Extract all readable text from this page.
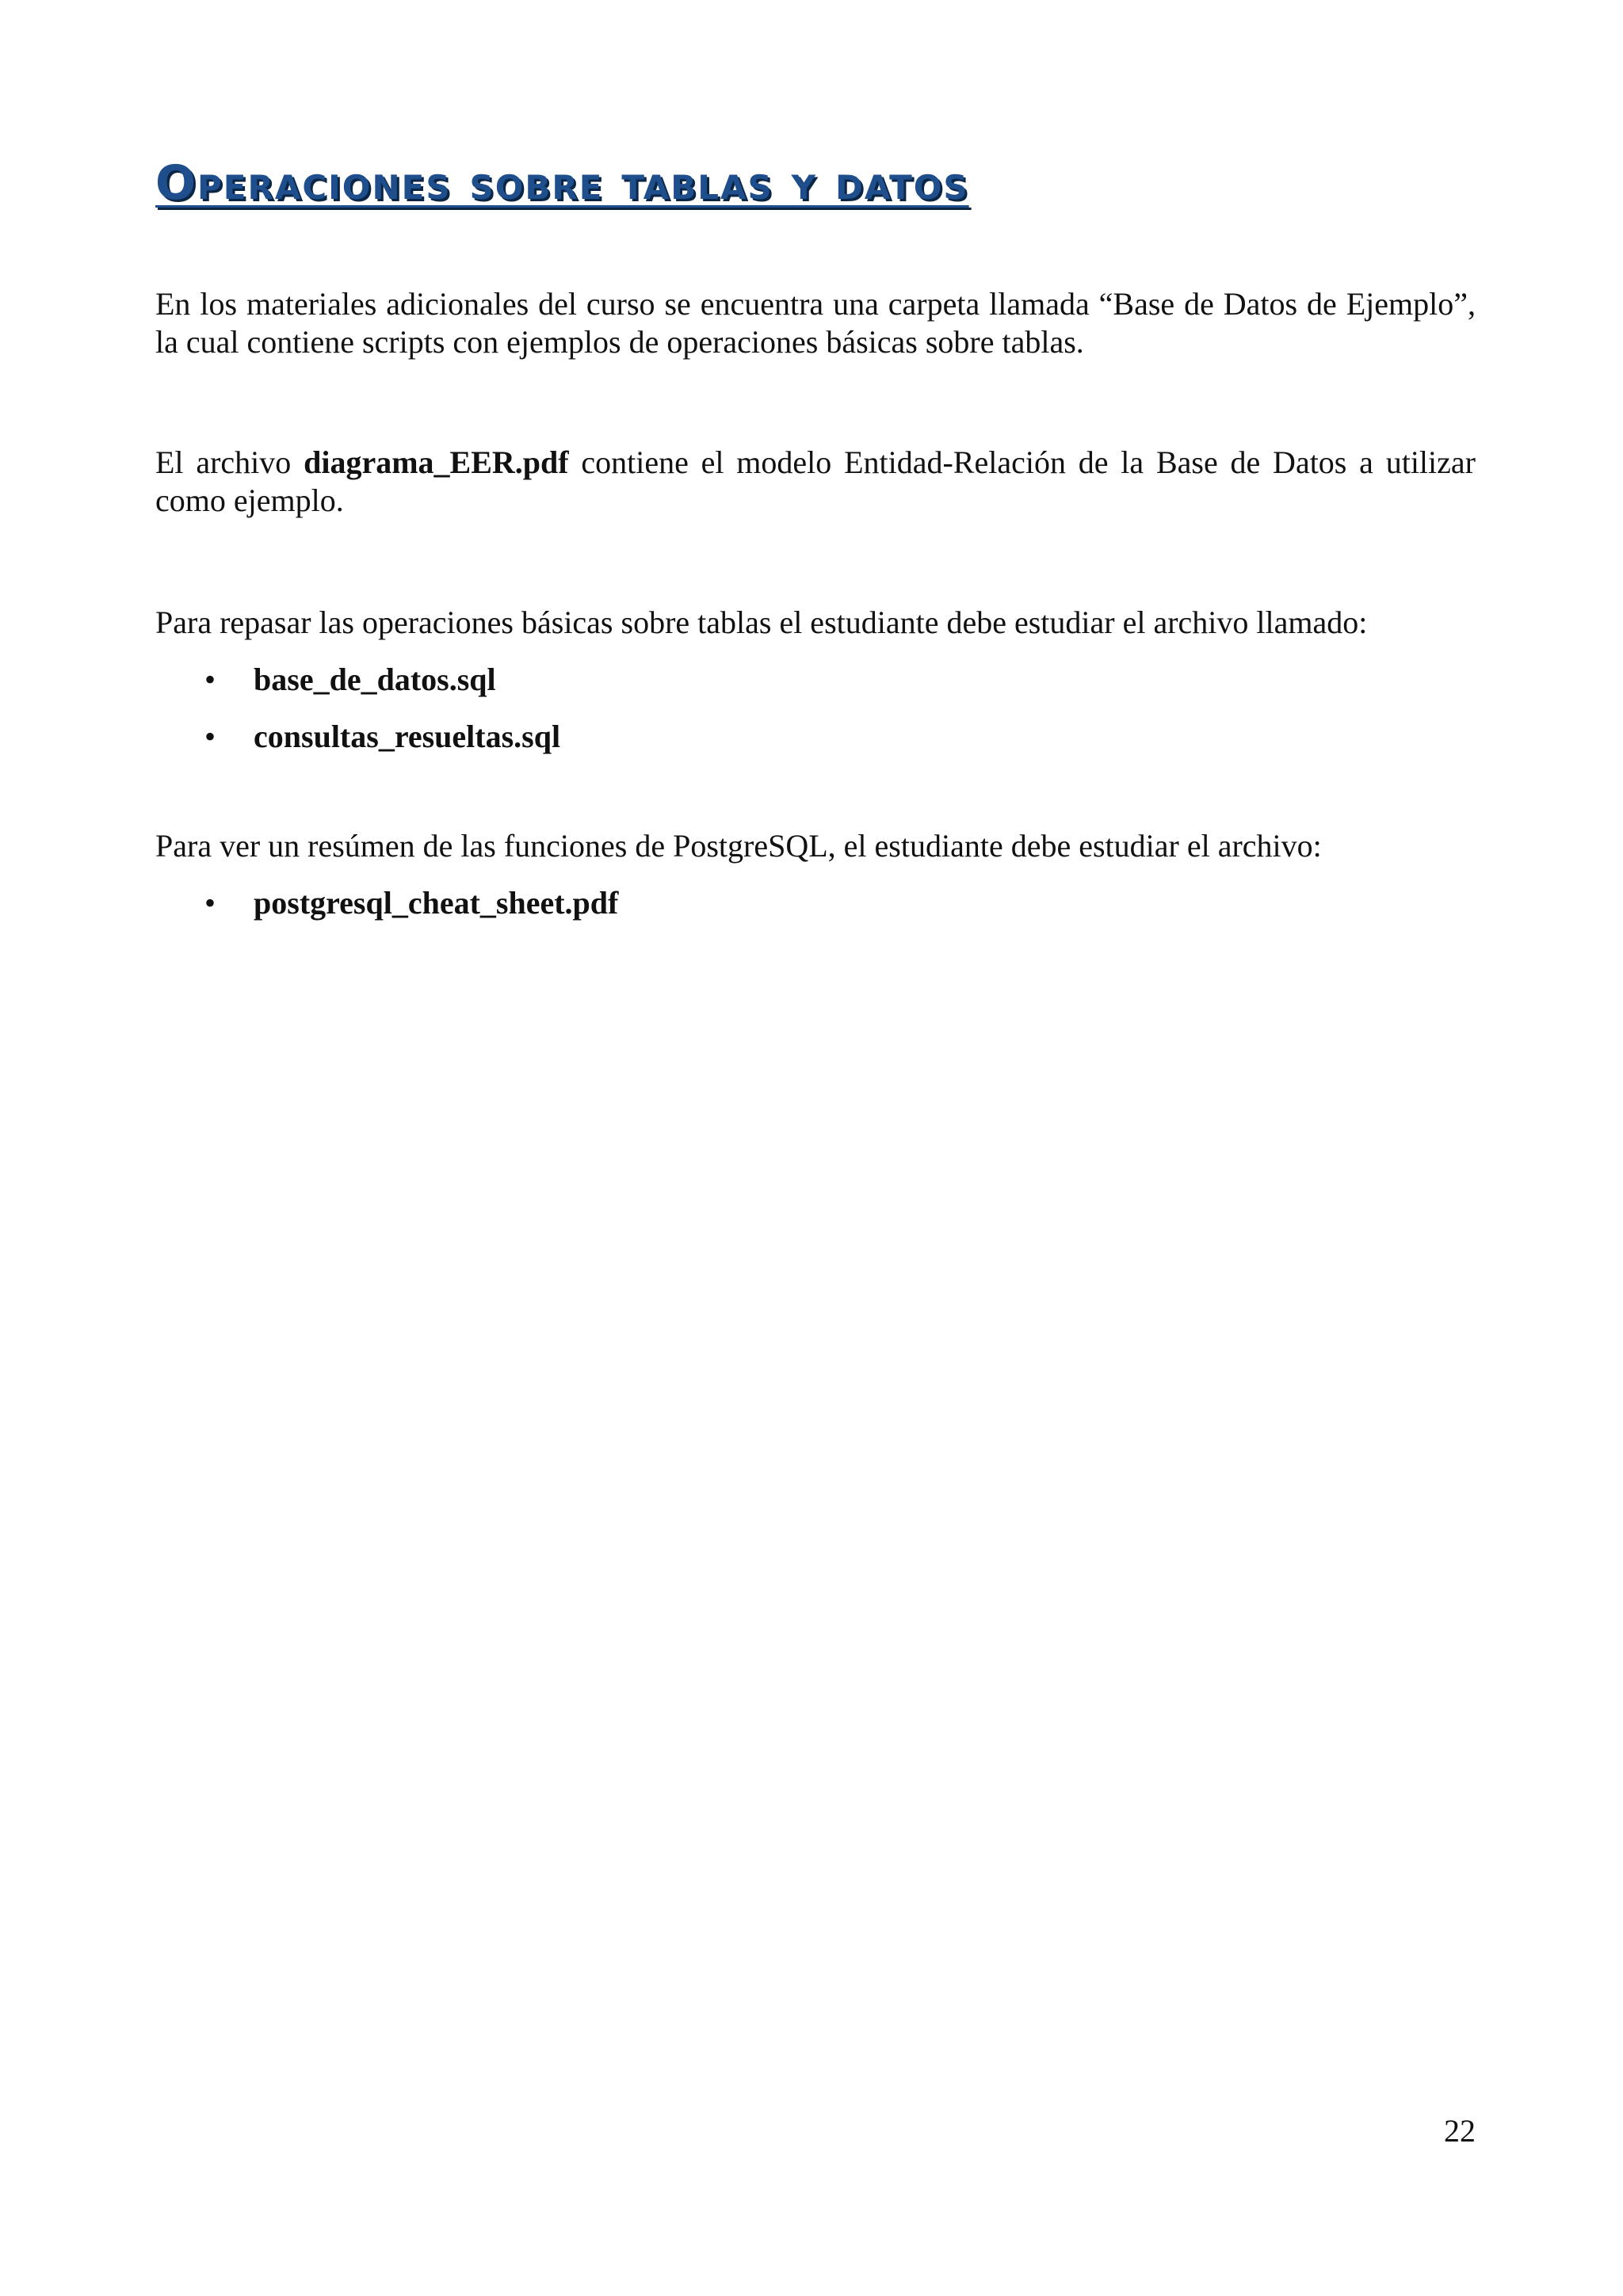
Operaciones sobre tablas y datos

En los materiales adicionales del curso se encuentra una carpeta llamada “Base de Datos de Ejemplo”, la cual contiene scripts con ejemplos de operaciones básicas sobre tablas.

El archivo diagrama_EER.pdf contiene el modelo Entidad-Relación de la Base de Datos a utilizar como ejemplo.

Para repasar las operaciones básicas sobre tablas el estudiante debe estudiar el archivo llamado:

• base_de_datos.sql
• consultas_resueltas.sql

Para ver un resúmen de las funciones de PostgreSQL, el estudiante debe estudiar el archivo:

• postgresql_cheat_sheet.pdf
22
